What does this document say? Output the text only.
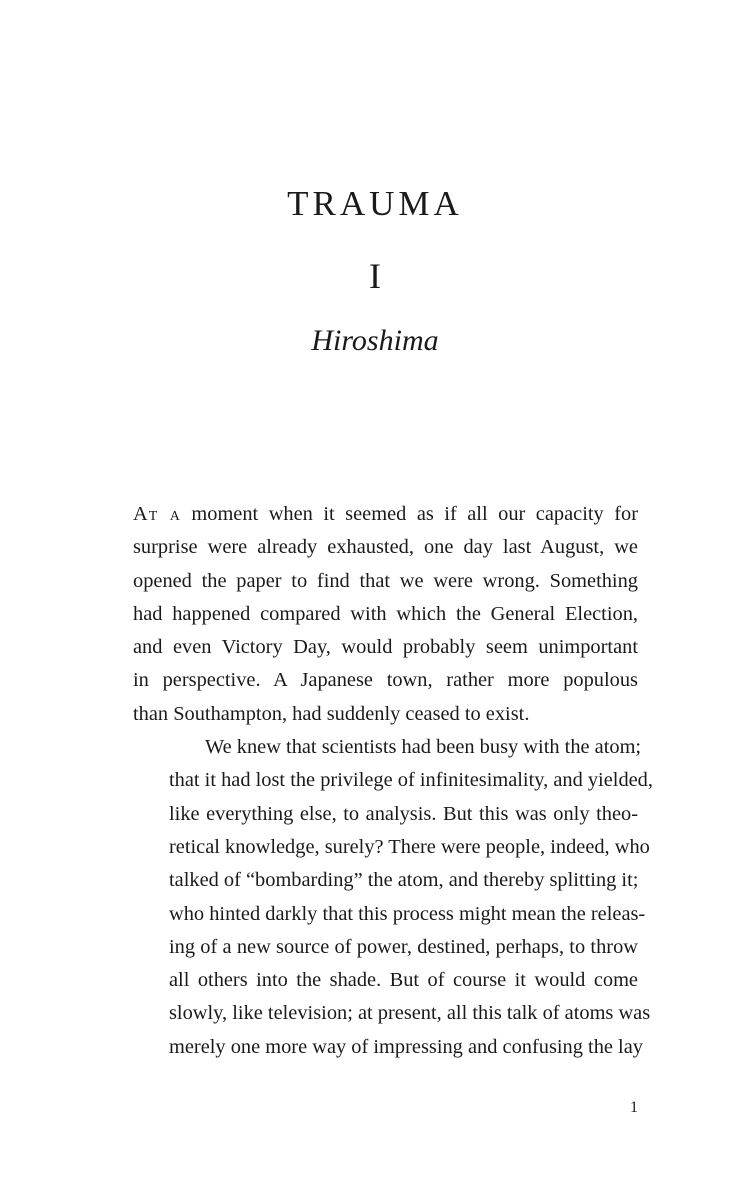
TRAUMA
I
Hiroshima

At a moment when it seemed as if all our capacity for
surprise were already exhausted, one day last August, we
opened the paper to find that we were wrong. Something
had happened compared with which the General Election,
and even Victory Day, would probably seem unimportant
in perspective. A Japanese town, rather more populous
than Southampton, had suddenly ceased to exist.

We knew that scientists had been busy with the atom;
that it had lost the privilege of infinitesimality, and yielded,
like everything else, to analysis. But this was only theo-
retical knowledge, surely? There were people, indeed, who
talked of “bombarding” the atom, and thereby splitting it;
who hinted darkly that this process might mean the releas-
ing of a new source of power, destined, perhaps, to throw
all others into the shade. But of course it would come
slowly, like television; at present, all this talk of atoms was
merely one more way of impressing and confusing the lay

1
